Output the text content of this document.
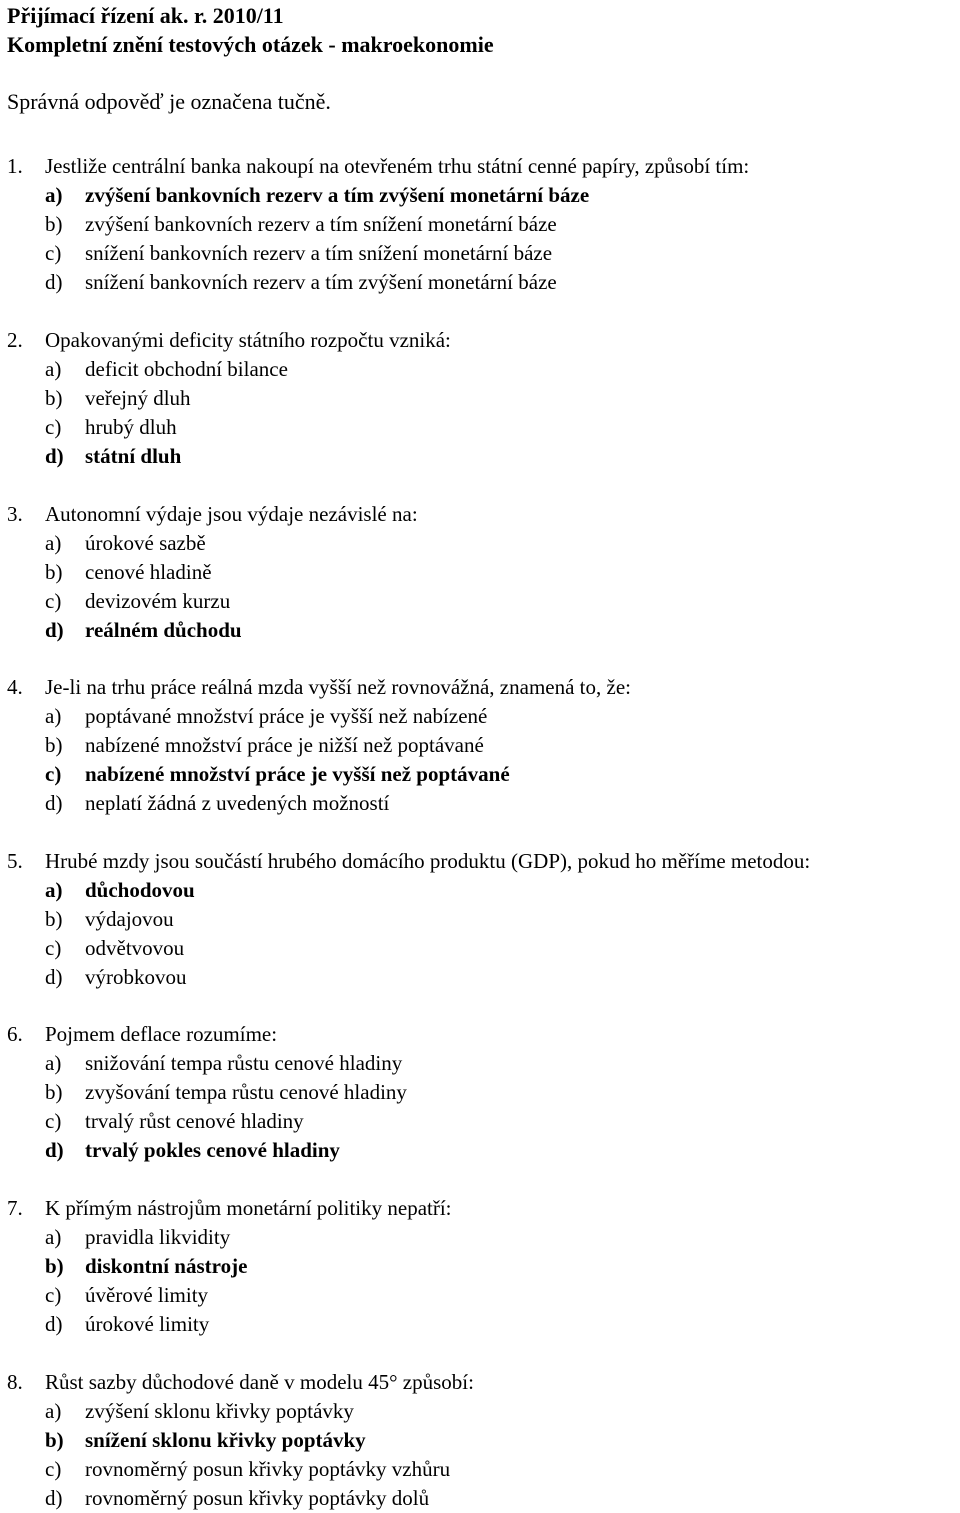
Přijímací řízení ak. r. 2010/11
Kompletní znění testových otázek - makroekonomie
Správná odpověď je označena tučně.
1. Jestliže centrální banka nakoupí na otevřeném trhu státní cenné papíry, způsobí tím:
a) zvýšení bankovních rezerv a tím zvýšení monetární báze
b) zvýšení bankovních rezerv a tím snížení monetární báze
c) snížení bankovních rezerv a tím snížení monetární báze
d) snížení bankovních rezerv a tím zvýšení monetární báze
2. Opakovanými deficity státního rozpočtu vzniká:
a) deficit obchodní bilance
b) veřejný dluh
c) hrubý dluh
d) státní dluh
3. Autonomní výdaje jsou výdaje nezávislé na:
a) úrokové sazbě
b) cenové hladině
c) devizovém kurzu
d) reálném důchodu
4. Je-li na trhu práce reálná mzda vyšší než rovnovážná, znamená to, že:
a) poptávané množství práce je vyšší než nabízené
b) nabízené množství práce je nižší než poptávané
c) nabízené množství práce je vyšší než poptávané
d) neplatí žádná z uvedených možností
5. Hrubé mzdy jsou součástí hrubého domácího produktu (GDP), pokud ho měříme metodou:
a) důchodovou
b) výdajovou
c) odvětvovou
d) výrobkovou
6. Pojmem deflace rozumíme:
a) snižování tempa růstu cenové hladiny
b) zvyšování tempa růstu cenové hladiny
c) trvalý růst cenové hladiny
d) trvalý pokles cenové hladiny
7. K přímým nástrojům monetární politiky nepatří:
a) pravidla likvidity
b) diskontní nástroje
c) úvěrové limity
d) úrokové limity
8. Růst sazby důchodové daně v modelu 45° způsobí:
a) zvýšení sklonu křivky poptávky
b) snížení sklonu křivky poptávky
c) rovnoměrný posun křivky poptávky vzhůru
d) rovnoměrný posun křivky poptávky dolů
